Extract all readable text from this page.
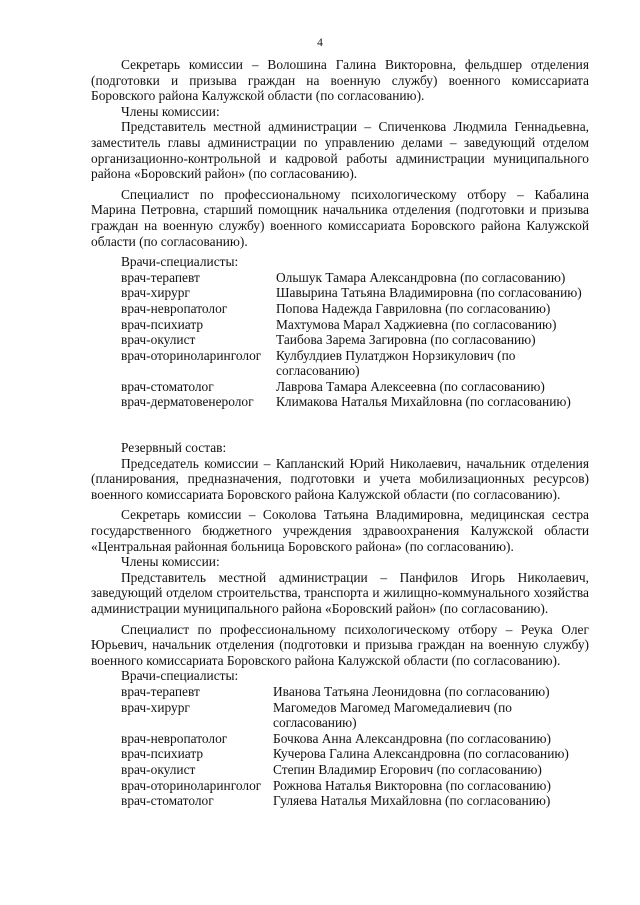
4

Секретарь комиссии – Волошина Галина Викторовна, фельдшер отделения (подготовки и призыва граждан на военную службу) военного комиссариата Боровского района Калужской области (по согласованию).

Члены комиссии:

Представитель местной администрации – Спиченкова Людмила Геннадьевна, заместитель главы администрации по управлению делами – заведующий отделом организационно-контрольной и кадровой работы администрации муниципального района «Боровский район» (по согласованию).

Специалист по профессиональному психологическому отбору – Кабалина Марина Петровна, старший помощник начальника отделения (подготовки и призыва граждан на военную службу) военного комиссариата Боровского района Калужской области (по согласованию).

Врачи-специалисты:

врач-терапевт	Ольшук Тамара Александровна (по согласованию)
врач-хирург	Шавырина Татьяна Владимировна (по согласованию)
врач-невропатолог	Попова Надежда Гавриловна (по согласованию)
врач-психиатр	Махтумова Марал Хаджиевна (по согласованию)
врач-окулист	Таибова Зарема Загировна (по согласованию)
врач-оториноларинголог	Кулбулдиев Пулатджон Норзикулович (по согласованию)
врач-стоматолог	Лаврова Тамара Алексеевна (по согласованию)
врач-дерматовенеролог	Климакова Наталья Михайловна (по согласованию)

Резервный состав:

Председатель комиссии – Капланский Юрий Николаевич, начальник отделения (планирования, предназначения, подготовки и учета мобилизационных ресурсов) военного комиссариата Боровского района Калужской области (по согласованию).

Секретарь комиссии – Соколова Татьяна Владимировна, медицинская сестра государственного бюджетного учреждения здравоохранения Калужской области «Центральная районная больница Боровского района» (по согласованию).

Члены комиссии:

Представитель местной администрации – Панфилов Игорь Николаевич, заведующий отделом строительства, транспорта и жилищно-коммунального хозяйства администрации муниципального района «Боровский район» (по согласованию).

Специалист по профессиональному психологическому отбору – Реука Олег Юрьевич, начальник отделения (подготовки и призыва граждан на военную службу) военного комиссариата Боровского района Калужской области (по согласованию).

Врачи-специалисты:

врач-терапевт	Иванова Татьяна Леонидовна (по согласованию)
врач-хирург	Магомедов Магомед Магомедалиевич (по согласованию)
врач-невропатолог	Бочкова Анна Александровна (по согласованию)
врач-психиатр	Кучерова Галина Александровна (по согласованию)
врач-окулист	Степин Владимир Егорович (по согласованию)
врач-оториноларинголог Рожнова Наталья Викторовна (по согласованию)
врач-стоматолог	Гуляева Наталья Михайловна (по согласованию)
